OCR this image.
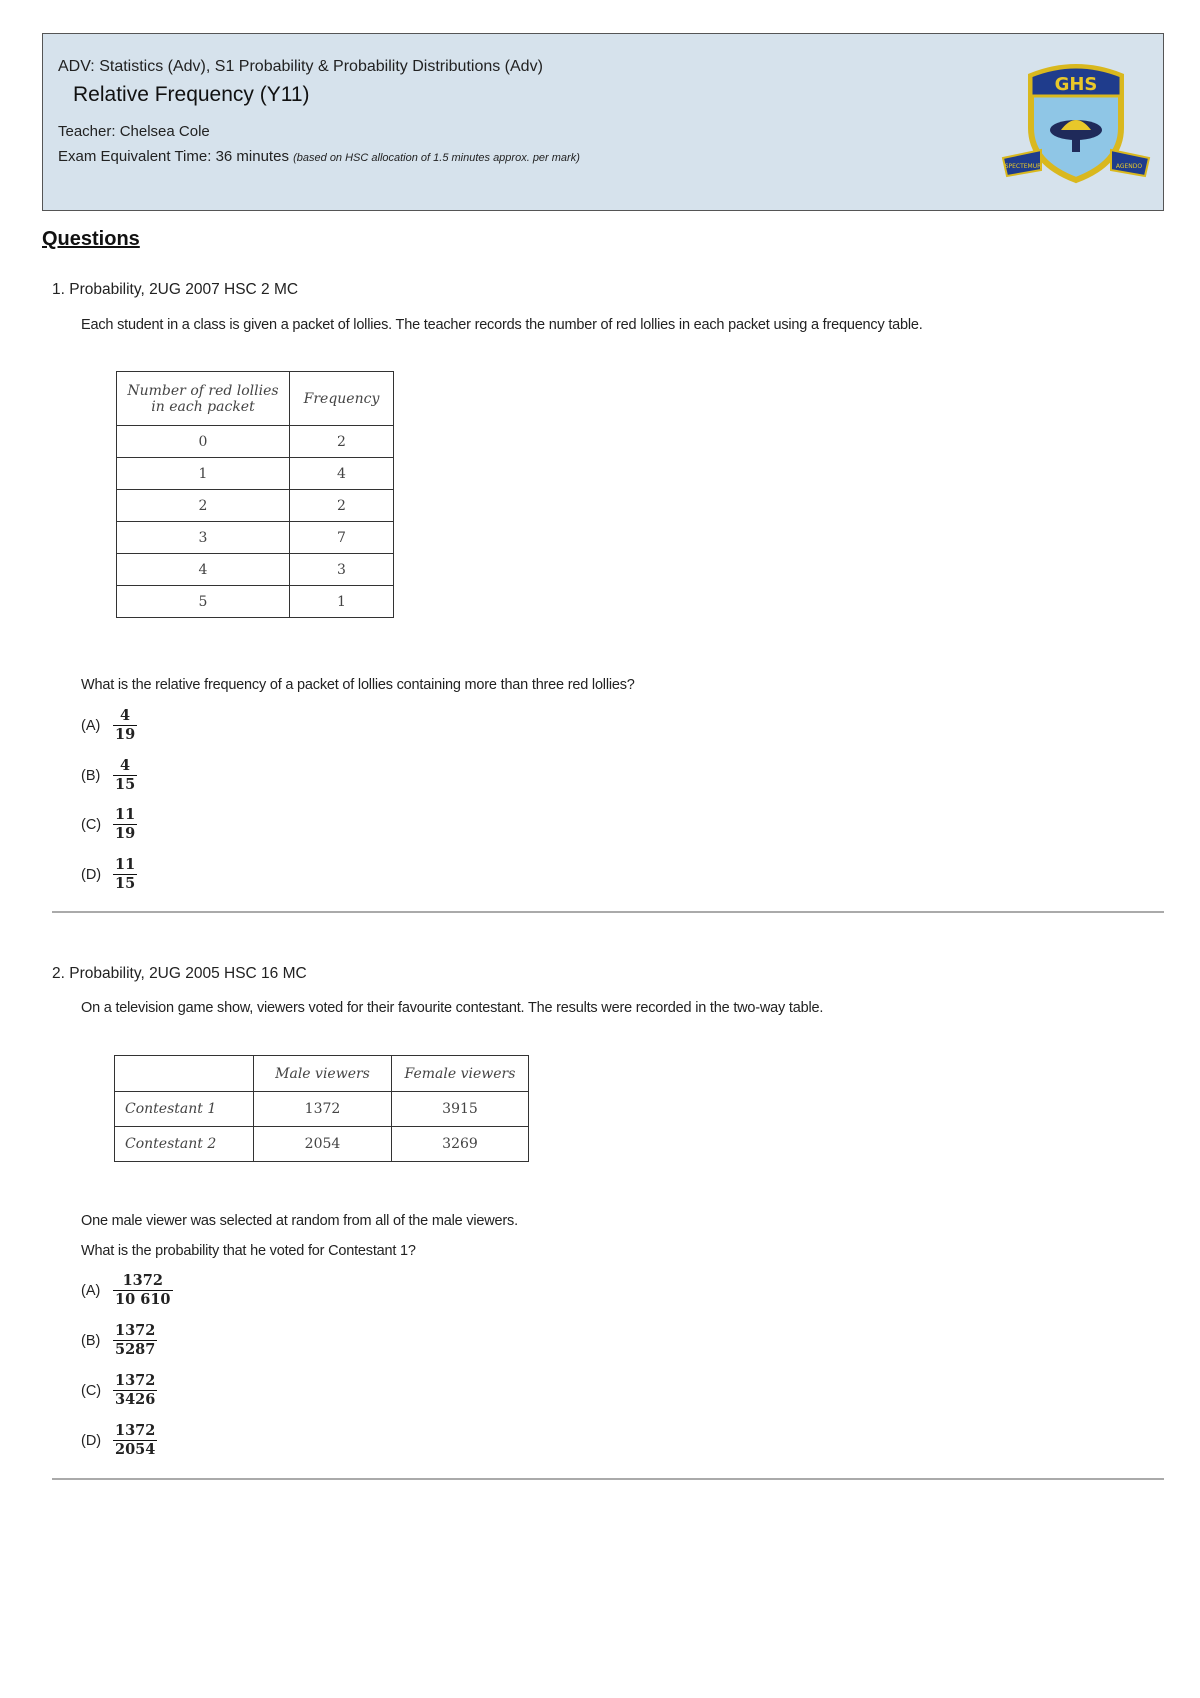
ADV: Statistics (Adv), S1 Probability & Probability Distributions (Adv)
Relative Frequency (Y11)
Teacher: Chelsea Cole
Exam Equivalent Time: 36 minutes (based on HSC allocation of 1.5 minutes approx. per mark)
GHS
SPECTEMUR	AGENDO
Questions
1. Probability, 2UG 2007 HSC 2 MC
Each student in a class is given a packet of lollies. The teacher records the number of red lollies in each packet using a frequency table.
Number of red lollies
in each packet	Frequency
0	2
1	4
2	2
3	7
4	3
5	1
What is the relative frequency of a packet of lollies containing more than three red lollies?
$(A) \frac{4}{19}$
$(B) \frac{4}{15}$
$(C) \frac{11}{19}$
$(D) \frac{11}{15}$
2. Probability, 2UG 2005 HSC 16 MC
On a television game show, viewers voted for their favourite contestant. The results were recorded in the two-way table.
	Male viewers	Female viewers
Contestant 1	1372	3915
Contestant 2	2054	3269
One male viewer was selected at random from all of the male viewers.
What is the probability that he voted for Contestant 1?
$(A) \frac{1372}{10 610}$
$(B) \frac{1372}{5287}$
$(C) \frac{1372}{3426}$
$(D) \frac{1372}{2054}$
